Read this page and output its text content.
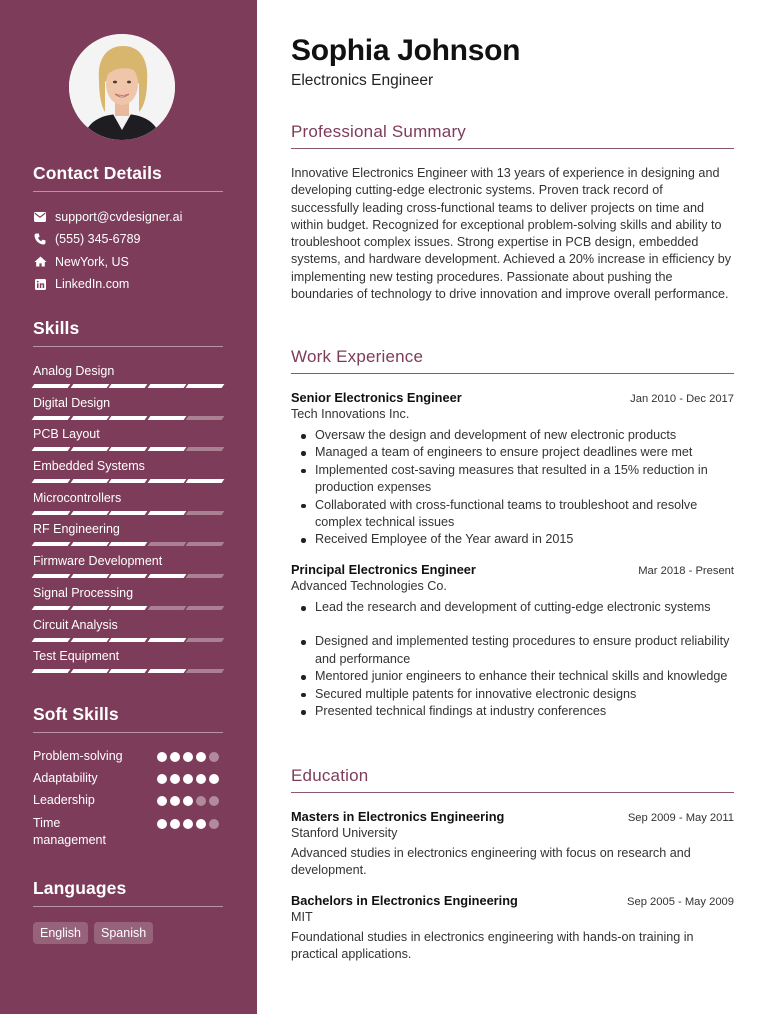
Contact Details
support@cvdesigner.ai
(555) 345-6789
NewYork, US
LinkedIn.com
Skills
Analog Design
Digital Design
PCB Layout
Embedded Systems
Microcontrollers
RF Engineering
Firmware Development
Signal Processing
Circuit Analysis
Test Equipment
Soft Skills
Problem-solving
Adaptability
Leadership
Time management
Languages
English	Spanish
Sophia Johnson
Electronics Engineer
Professional Summary
Innovative Electronics Engineer with 13 years of experience in designing and developing cutting-edge electronic systems. Proven track record of successfully leading cross-functional teams to deliver projects on time and within budget. Recognized for exceptional problem-solving skills and ability to troubleshoot complex issues. Strong expertise in PCB design, embedded systems, and hardware development. Achieved a 20% increase in efficiency by implementing new testing procedures. Passionate about pushing the boundaries of technology to drive innovation and improve overall performance.
Work Experience
Senior Electronics Engineer	Jan 2010 - Dec 2017
Tech Innovations Inc.
Oversaw the design and development of new electronic products
Managed a team of engineers to ensure project deadlines were met
Implemented cost-saving measures that resulted in a 15% reduction in production expenses
Collaborated with cross-functional teams to troubleshoot and resolve complex technical issues
Received Employee of the Year award in 2015
Principal Electronics Engineer	Mar 2018 - Present
Advanced Technologies Co.
Lead the research and development of cutting-edge electronic systems
Designed and implemented testing procedures to ensure product reliability and performance
Mentored junior engineers to enhance their technical skills and knowledge
Secured multiple patents for innovative electronic designs
Presented technical findings at industry conferences
Education
Masters in Electronics Engineering	Sep 2009 - May 2011
Stanford University
Advanced studies in electronics engineering with focus on research and development.
Bachelors in Electronics Engineering	Sep 2005 - May 2009
MIT
Foundational studies in electronics engineering with hands-on training in practical applications.
